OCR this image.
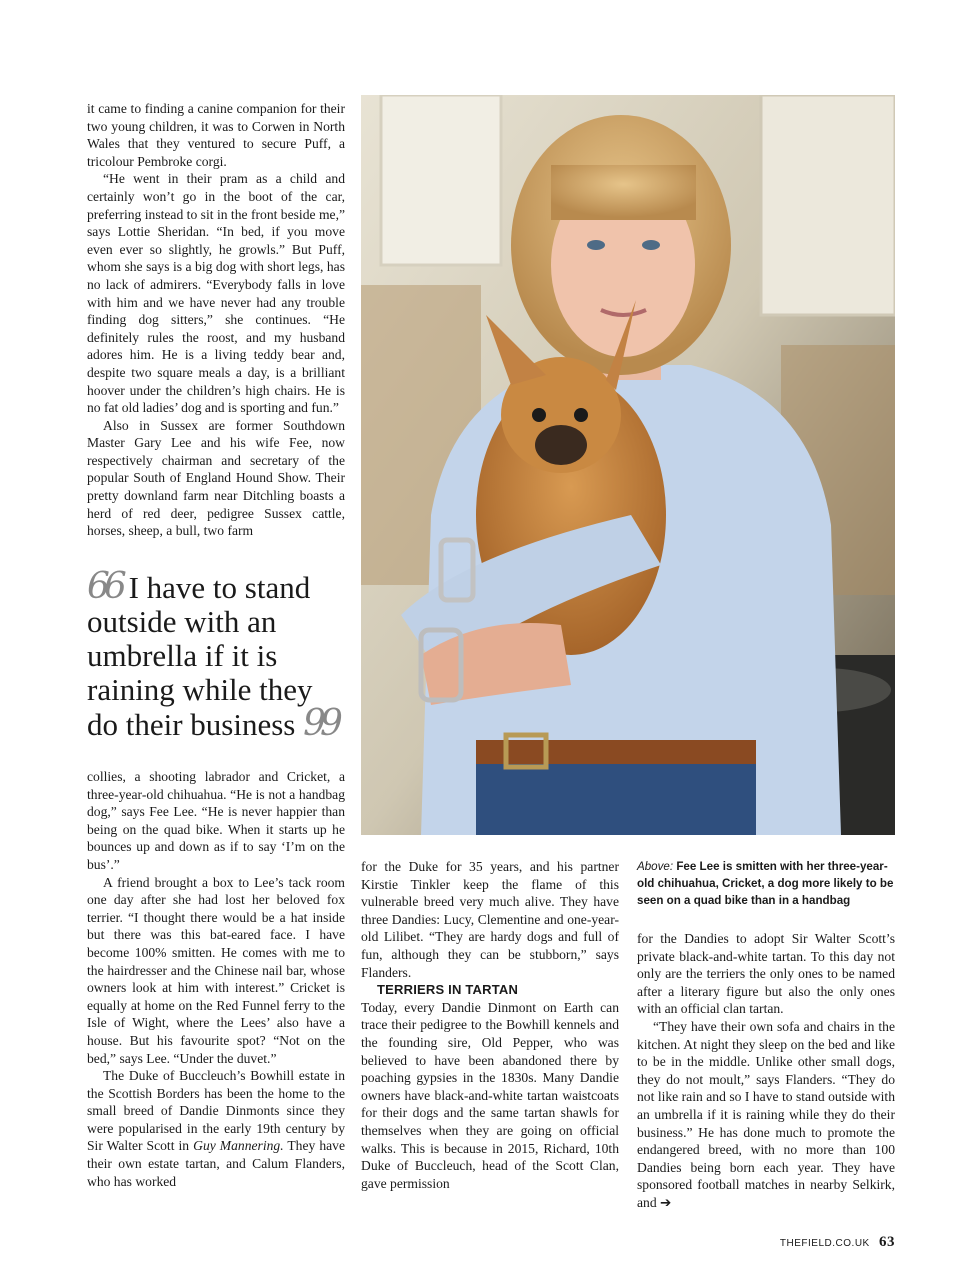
it came to finding a canine companion for their two young children, it was to Corwen in North Wales that they ventured to secure Puff, a tricolour Pembroke corgi.

“He went in their pram as a child and certainly won’t go in the boot of the car, preferring instead to sit in the front beside me,” says Lottie Sheridan. “In bed, if you move even ever so slightly, he growls.” But Puff, whom she says is a big dog with short legs, has no lack of admirers. “Everybody falls in love with him and we have never had any trouble finding dog sitters,” she continues. “He definitely rules the roost, and my husband adores him. He is a living teddy bear and, despite two square meals a day, is a brilliant hoover under the children’s high chairs. He is no fat old ladies’ dog and is sporting and fun.”

Also in Sussex are former Southdown Master Gary Lee and his wife Fee, now respectively chairman and secretary of the popular South of England Hound Show. Their pretty downland farm near Ditchling boasts a herd of red deer, pedigree Sussex cattle, horses, sheep, a bull, two farm

66 I have to stand outside with an umbrella if it is raining while they do their business 99

collies, a shooting labrador and Cricket, a three-year-old chihuahua. “He is not a handbag dog,” says Fee Lee. “He is never happier than being on the quad bike. When it starts up he bounces up and down as if to say ‘I’m on the bus’.”

A friend brought a box to Lee’s tack room one day after she had lost her beloved fox terrier. “I thought there would be a hat inside but there was this bat-eared face. I have become 100% smitten. He comes with me to the hairdresser and the Chinese nail bar, whose owners look at him with interest.” Cricket is equally at home on the Red Funnel ferry to the Isle of Wight, where the Lees’ also have a house. But his favourite spot? “Not on the bed,” says Lee. “Under the duvet.”

The Duke of Buccleuch’s Bowhill estate in the Scottish Borders has been the home to the small breed of Dandie Dinmonts since they were popularised in the early 19th century by Sir Walter Scott in Guy Mannering. They have their own estate tartan, and Calum Flanders, who has worked

for the Duke for 35 years, and his partner Kirstie Tinkler keep the flame of this vulnerable breed very much alive. They have three Dandies: Lucy, Clementine and one-year-old Lilibet. “They are hardy dogs and full of fun, although they can be stubborn,” says Flanders.

TERRIERS IN TARTAN

Today, every Dandie Dinmont on Earth can trace their pedigree to the Bowhill kennels and the founding sire, Old Pepper, who was believed to have been abandoned there by poaching gypsies in the 1830s. Many Dandie owners have black-and-white tartan waistcoats for their dogs and the same tartan shawls for themselves when they are going on official walks. This is because in 2015, Richard, 10th Duke of Buccleuch, head of the Scott Clan, gave permission

Above: Fee Lee is smitten with her three-year-old chihuahua, Cricket, a dog more likely to be seen on a quad bike than in a handbag

for the Dandies to adopt Sir Walter Scott’s private black-and-white tartan. To this day not only are the terriers the only ones to be named after a literary figure but also the only ones with an official clan tartan.

“They have their own sofa and chairs in the kitchen. At night they sleep on the bed and like to be in the middle. Unlike other small dogs, they do not moult,” says Flanders. “They do not like rain and so I have to stand outside with an umbrella if it is raining while they do their business.” He has done much to promote the endangered breed, with no more than 100 Dandies being born each year. They have sponsored football matches in nearby Selkirk, and ➔

THEFIELD.CO.UK 63
